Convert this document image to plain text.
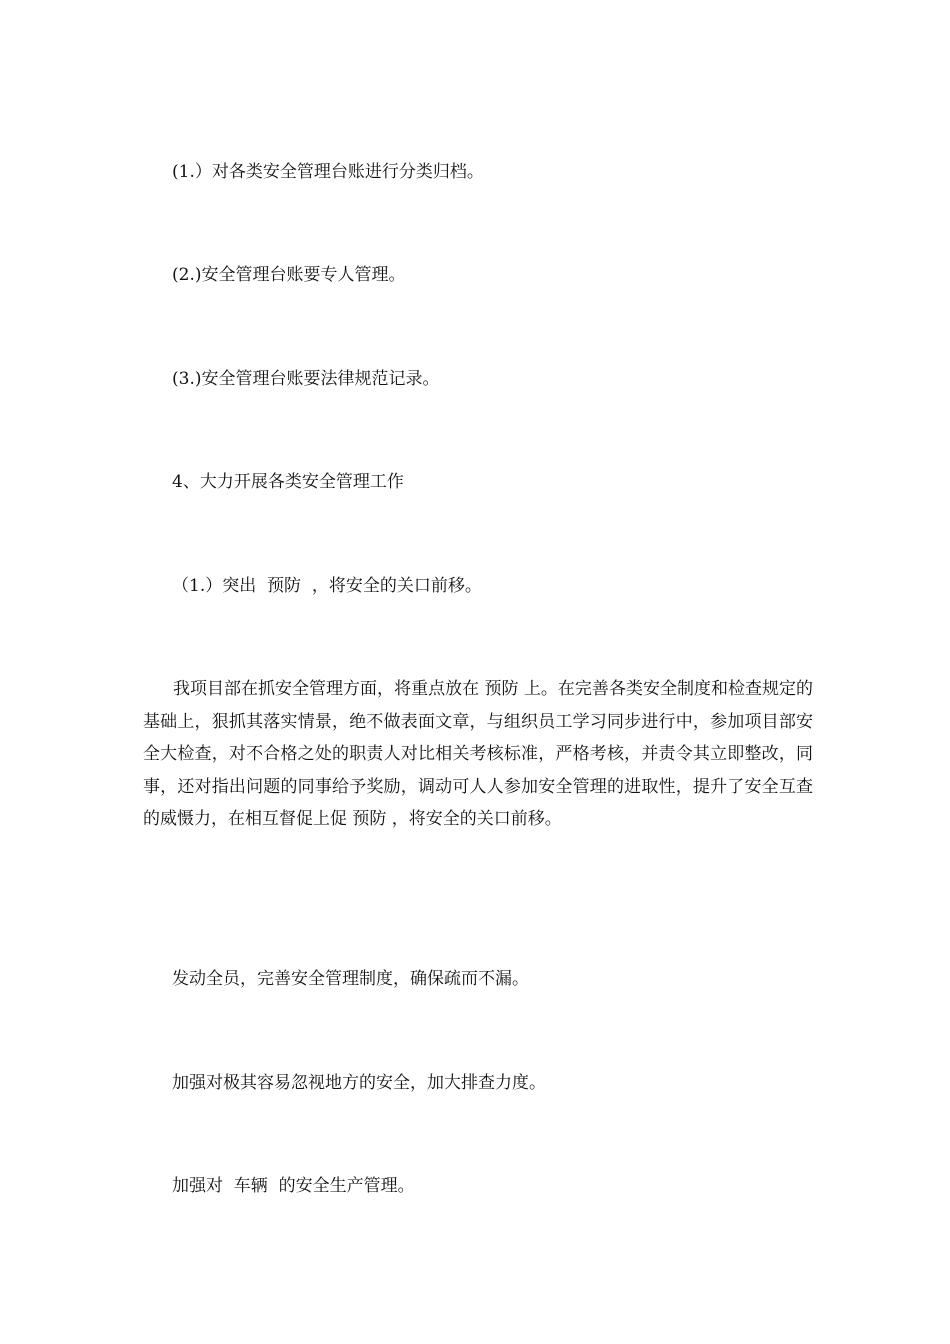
(1.）对各类安全管理台账进行分类归档。
(2.)安全管理台账要专人管理。
(3.)安全管理台账要法律规范记录。
4、大力开展各类安全管理工作
（1.）突出  预防  ，将安全的关口前移。
我项目部在抓安全管理方面，将重点放在 预防 上。在完善各类安全制度和检查规定的基础上，狠抓其落实情景，绝不做表面文章，与组织员工学习同步进行中，参加项目部安全大检查，对不合格之处的职责人对比相关考核标准，严格考核，并责令其立即整改，同事，还对指出问题的同事给予奖励，调动可人人参加安全管理的进取性，提升了安全互查的威慑力，在相互督促上促 预防 ，将安全的关口前移。
发动全员，完善安全管理制度，确保疏而不漏。
加强对极其容易忽视地方的安全，加大排查力度。
加强对  车辆  的安全生产管理。
